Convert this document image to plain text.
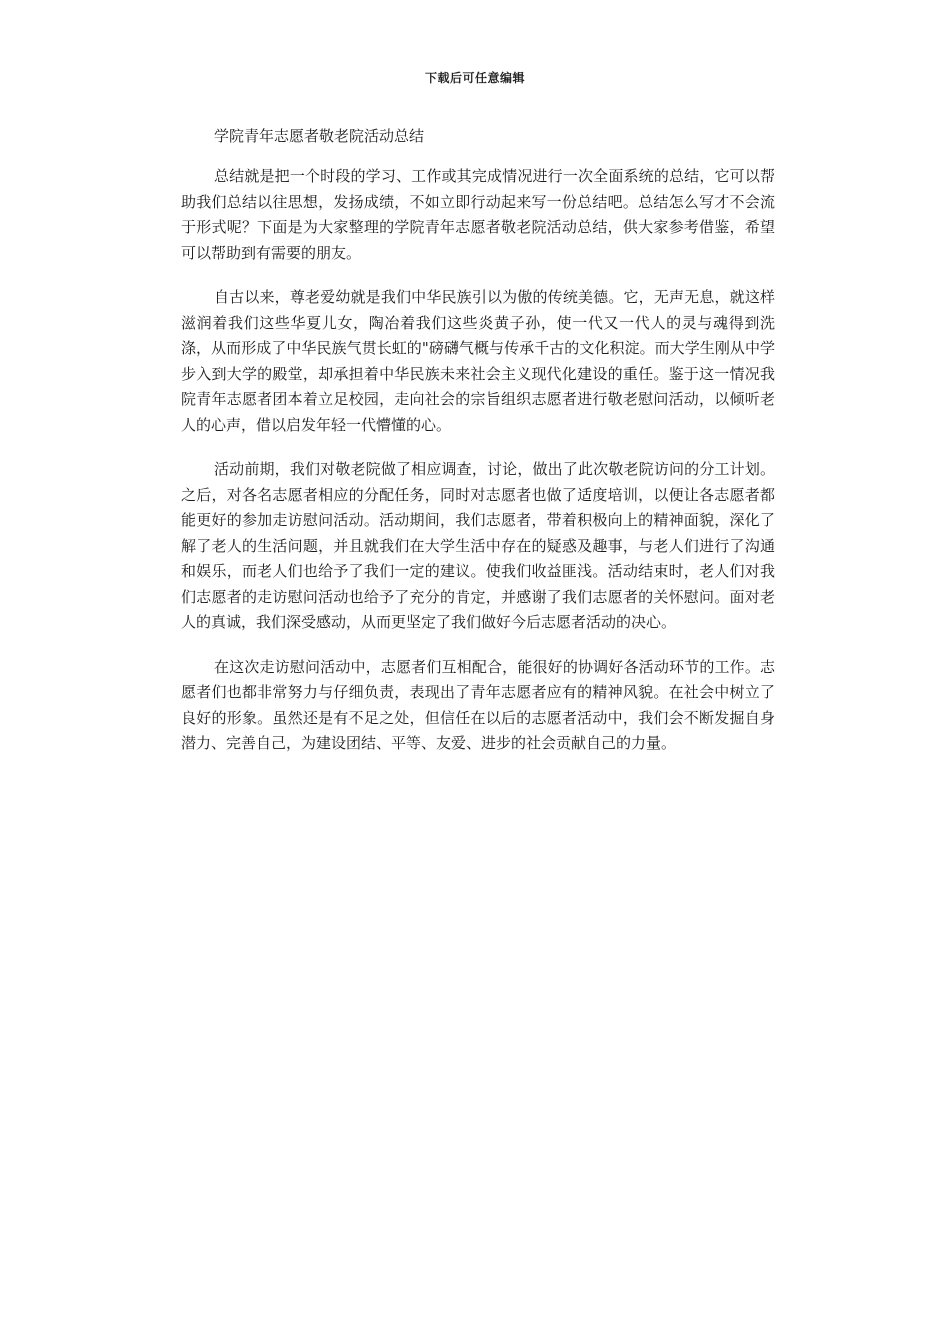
下载后可任意编辑
学院青年志愿者敬老院活动总结

总结就是把一个时段的学习、工作或其完成情况进行一次全面系统的总结，它可以帮助我们总结以往思想，发扬成绩，不如立即行动起来写一份总结吧。总结怎么写才不会流于形式呢？下面是为大家整理的学院青年志愿者敬老院活动总结，供大家参考借鉴，希望可以帮助到有需要的朋友。

自古以来，尊老爱幼就是我们中华民族引以为傲的传统美德。它，无声无息，就这样滋润着我们这些华夏儿女，陶冶着我们这些炎黄子孙，使一代又一代人的灵与魂得到洗涤，从而形成了中华民族气贯长虹的"磅礴气概与传承千古的文化积淀。而大学生刚从中学步入到大学的殿堂，却承担着中华民族未来社会主义现代化建设的重任。鉴于这一情况我院青年志愿者团本着立足校园，走向社会的宗旨组织志愿者进行敬老慰问活动，以倾听老人的心声，借以启发年轻一代懵懂的心。

活动前期，我们对敬老院做了相应调查，讨论，做出了此次敬老院访问的分工计划。之后，对各名志愿者相应的分配任务，同时对志愿者也做了适度培训，以便让各志愿者都能更好的参加走访慰问活动。活动期间，我们志愿者，带着积极向上的精神面貌，深化了解了老人的生活问题，并且就我们在大学生活中存在的疑惑及趣事，与老人们进行了沟通和娱乐，而老人们也给予了我们一定的建议。使我们收益匪浅。活动结束时，老人们对我们志愿者的走访慰问活动也给予了充分的肯定，并感谢了我们志愿者的关怀慰问。面对老人的真诚，我们深受感动，从而更坚定了我们做好今后志愿者活动的决心。

在这次走访慰问活动中，志愿者们互相配合，能很好的协调好各活动环节的工作。志愿者们也都非常努力与仔细负责，表现出了青年志愿者应有的精神风貌。在社会中树立了良好的形象。虽然还是有不足之处，但信任在以后的志愿者活动中，我们会不断发掘自身潜力、完善自己，为建设团结、平等、友爱、进步的社会贡献自己的力量。
